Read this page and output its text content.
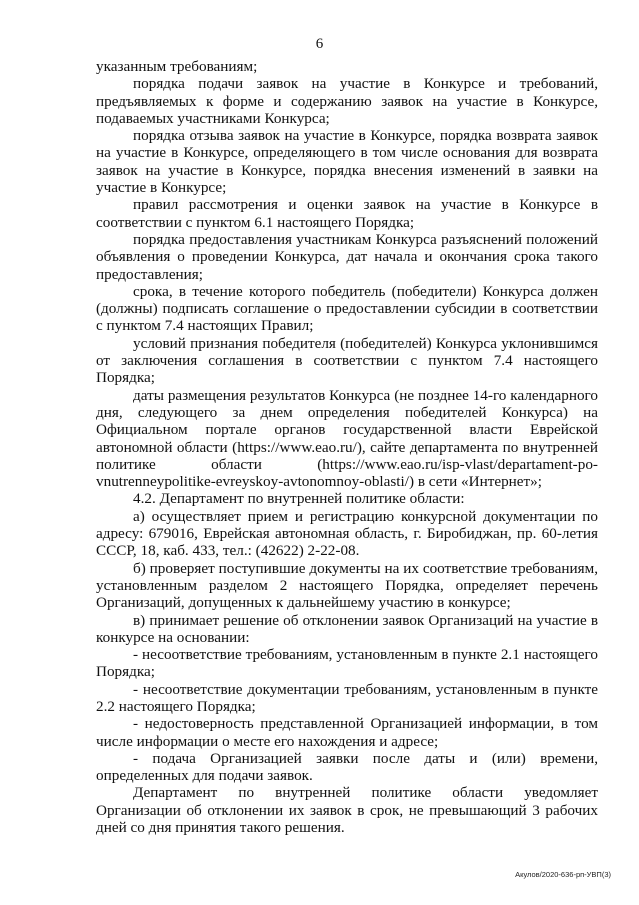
6

указанным требованиям;

порядка подачи заявок на участие в Конкурсе и требований, предъявляемых к форме и содержанию заявок на участие в Конкурсе, подаваемых участниками Конкурса;

порядка отзыва заявок на участие в Конкурсе, порядка возврата заявок на участие в Конкурсе, определяющего в том числе основания для возврата заявок на участие в Конкурсе, порядка внесения изменений в заявки на участие в Конкурсе;

правил рассмотрения и оценки заявок на участие в Конкурсе в соответствии с пунктом 6.1 настоящего Порядка;

порядка предоставления участникам Конкурса разъяснений положений объявления о проведении Конкурса, дат начала и окончания срока такого предоставления;

срока, в течение которого победитель (победители) Конкурса должен (должны) подписать соглашение о предоставлении субсидии в соответствии с пунктом 7.4 настоящих Правил;

условий признания победителя (победителей) Конкурса уклонившимся от заключения соглашения в соответствии с пунктом 7.4 настоящего Порядка;

даты размещения результатов Конкурса (не позднее 14-го календарного дня, следующего за днем определения победителей Конкурса) на Официальном портале органов государственной власти Еврейской автономной области (https://www.eao.ru/), сайте департамента по внутренней политике области (https://www.eao.ru/isp-vlast/departament-po-vnutrenneypolitike-evreyskoy-avtonomnoy-oblasti/) в сети «Интернет»;

4.2. Департамент по внутренней политике области:

а) осуществляет прием и регистрацию конкурсной документации по адресу: 679016, Еврейская автономная область, г. Биробиджан, пр. 60-летия СССР, 18, каб. 433, тел.: (42622) 2-22-08.

б) проверяет поступившие документы на их соответствие требованиям, установленным разделом 2 настоящего Порядка, определяет перечень Организаций, допущенных к дальнейшему участию в конкурсе;

в) принимает решение об отклонении заявок Организаций на участие в конкурсе на основании:

- несоответствие требованиям, установленным в пункте 2.1 настоящего Порядка;

- несоответствие документации требованиям, установленным в пункте 2.2 настоящего Порядка;

- недостоверность представленной Организацией информации, в том числе информации о месте его нахождения и адресе;

- подача Организацией заявки после даты и (или) времени, определенных для подачи заявок.

Департамент по внутренней политике области уведомляет Организации об отклонении их заявок в срок, не превышающий 3 рабочих дней со дня принятия такого решения.

Акулов/2020-636-рп-УВП(3)
